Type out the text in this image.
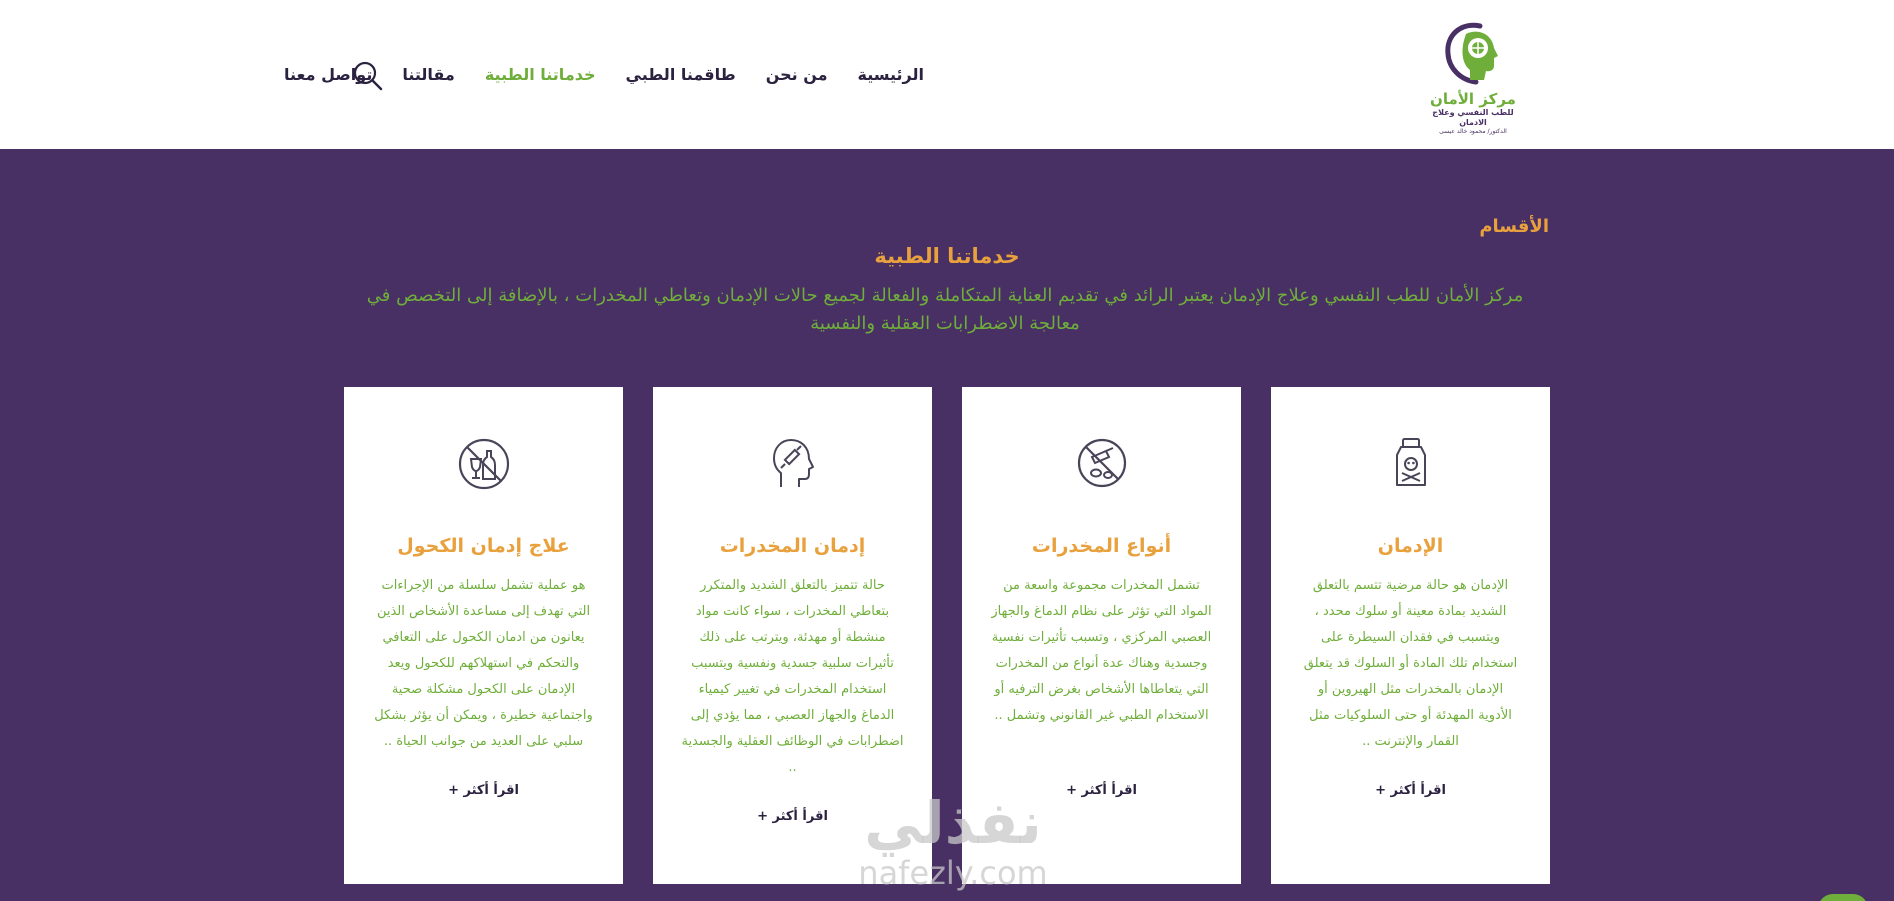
مركز الأمان
للطب النفسي وعلاج الادمان
الدكتور/ محمود خالد عيسى
الرئيسية
من نحن
طاقمنا الطبي
خدماتنا الطبية
مقالتنا
تواصل معنا
الأقسام
خدماتنا الطبية
مركز الأمان للطب النفسي وعلاج الإدمان يعتبر الرائد في تقديم العناية المتكاملة والفعالة لجميع حالات الإدمان وتعاطي المخدرات ، بالإضافة إلى التخصص في معالجة الاضطرابات العقلية والنفسية
الإدمان
الإدمان هو حالة مرضية تتسم بالتعلق الشديد بمادة معينة أو سلوك محدد ، ويتسبب في فقدان السيطرة على استخدام تلك المادة أو السلوك قد يتعلق الإدمان بالمخدرات مثل الهيروين أو الأدوية المهدئة أو حتى السلوكيات مثل القمار والإنترنت ..
اقرأ أكثر +
أنواع المخدرات
تشمل المخدرات مجموعة واسعة من المواد التي تؤثر على نظام الدماغ والجهاز العصبي المركزي ، وتسبب تأثيرات نفسية وجسدية وهناك عدة أنواع من المخدرات التي يتعاطاها الأشخاص بغرض الترفيه أو الاستخدام الطبي غير القانوني وتشمل ..
اقرأ أكثر +
إدمان المخدرات
حالة تتميز بالتعلق الشديد والمتكرر بتعاطي المخدرات ، سواء كانت مواد منشطة أو مهدئة، ويترتب على ذلك تأثيرات سلبية جسدية ونفسية ويتسبب استخدام المخدرات في تغيير كيمياء الدماغ والجهاز العصبي ، مما يؤدي إلى اضطرابات في الوظائف العقلية والجسدية ..
اقرأ أكثر +
علاج إدمان الكحول
هو عملية تشمل سلسلة من الإجراءات التي تهدف إلى مساعدة الأشخاص الذين يعانون من ادمان الكحول على التعافي والتحكم في استهلاكهم للكحول ويعد الإدمان على الكحول مشكلة صحية واجتماعية خطيرة ، ويمكن أن يؤثر بشكل سلبي على العديد من جوانب الحياة ..
اقرأ أكثر +	نفذلي
nafezly.com
